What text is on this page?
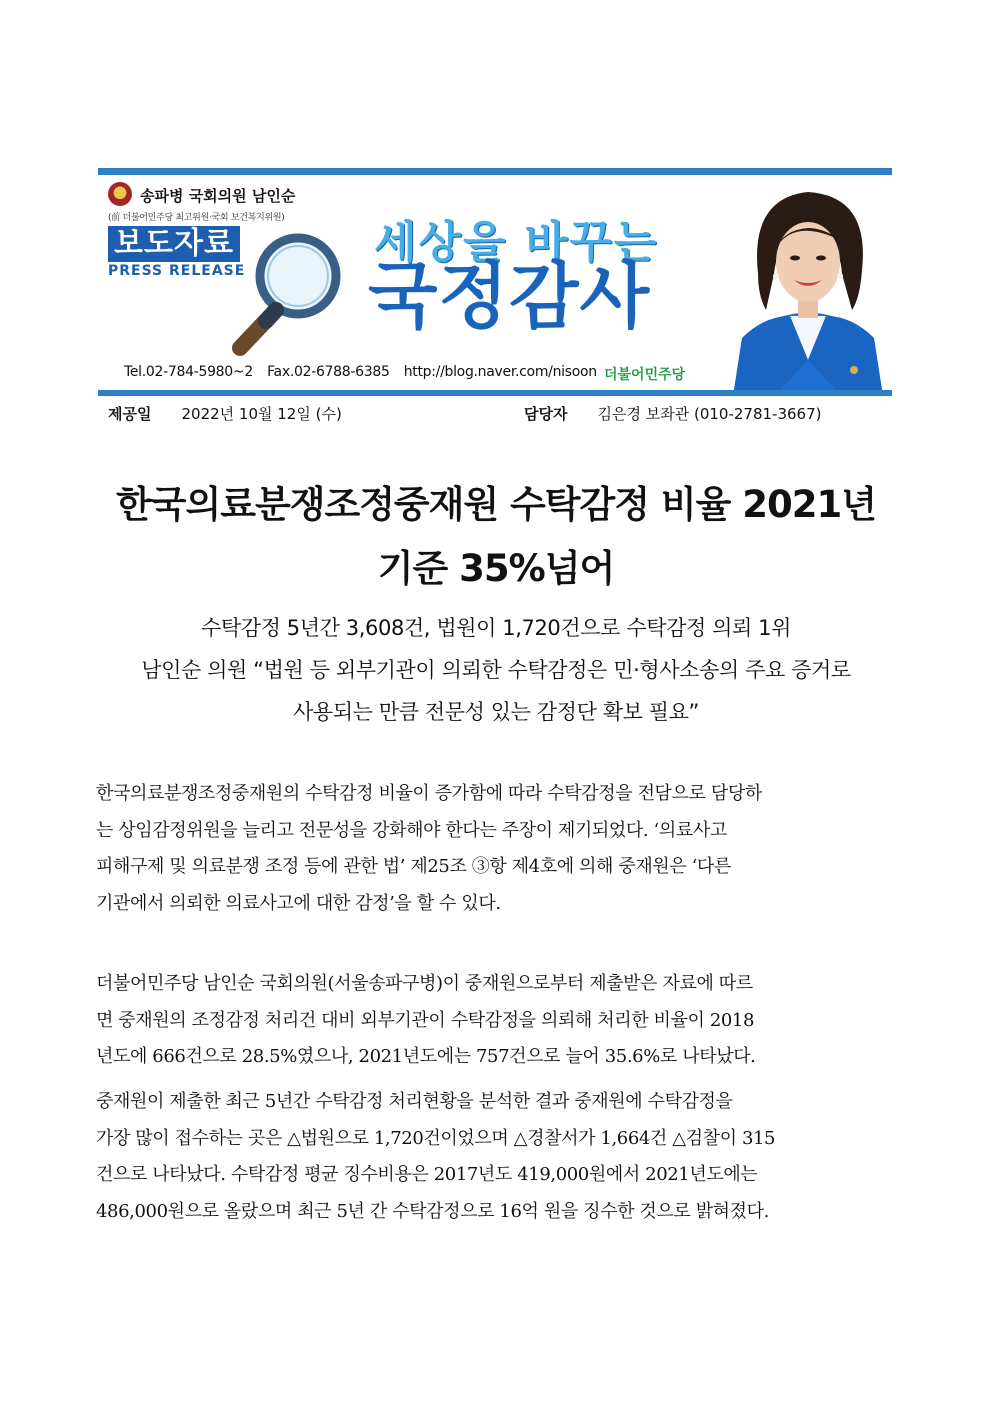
송파병 국회의원 남인순
(前 더불어민주당 최고위원·국회 보건복지위원)
보도자료
PRESS RELEASE
세상을 바꾸는
국정감사
Tel.02-784-5980~2 Fax.02-6788-6385 http://blog.naver.com/nisoon 더불어민주당
제공일 2022년 10월 12일 (수)	담당자 김은경 보좌관 (010-2781-3667)
한국의료분쟁조정중재원 수탁감정 비율 2021년
기준 35%넘어
수탁감정 5년간 3,608건, 법원이 1,720건으로 수탁감정 의뢰 1위
남인순 의원 “법원 등 외부기관이 의뢰한 수탁감정은 민·형사소송의 주요 증거로
사용되는 만큼 전문성 있는 감정단 확보 필요”
한국의료분쟁조정중재원의 수탁감정 비율이 증가함에 따라 수탁감정을 전담으로 담당하
는 상임감정위원을 늘리고 전문성을 강화해야 한다는 주장이 제기되었다. ‘의료사고
피해구제 및 의료분쟁 조정 등에 관한 법’ 제25조 ③항 제4호에 의해 중재원은 ‘다른
기관에서 의뢰한 의료사고에 대한 감정’을 할 수 있다.
더불어민주당 남인순 국회의원(서울송파구병)이 중재원으로부터 제출받은 자료에 따르
면 중재원의 조정감정 처리건 대비 외부기관이 수탁감정을 의뢰해 처리한 비율이 2018
년도에 666건으로 28.5%였으나, 2021년도에는 757건으로 늘어 35.6%로 나타났다.
중재원이 제출한 최근 5년간 수탁감정 처리현황을 분석한 결과 중재원에 수탁감정을
가장 많이 접수하는 곳은 △법원으로 1,720건이었으며 △경찰서가 1,664건 △검찰이 315
건으로 나타났다. 수탁감정 평균 징수비용은 2017년도 419,000원에서 2021년도에는
486,000원으로 올랐으며 최근 5년 간 수탁감정으로 16억 원을 징수한 것으로 밝혀졌다.
